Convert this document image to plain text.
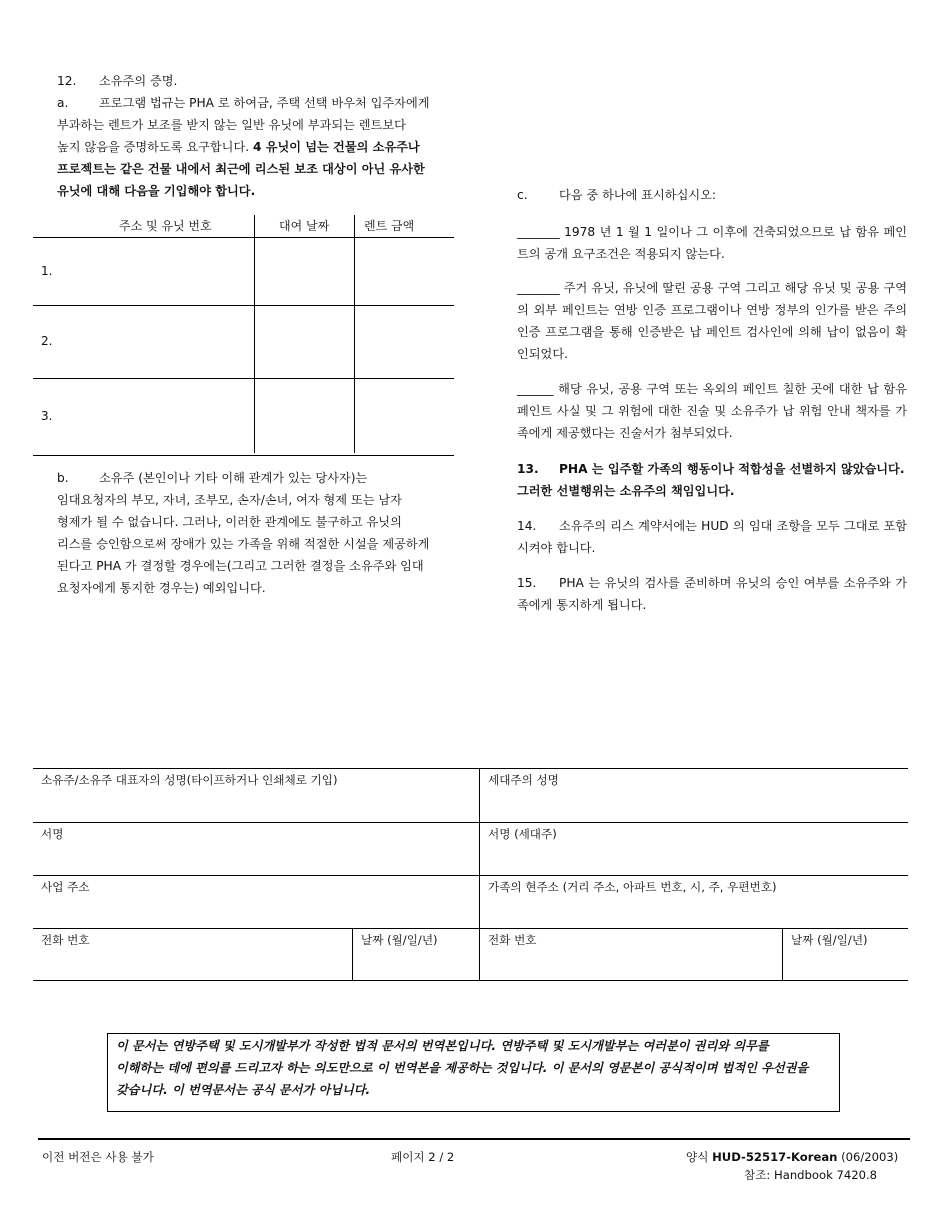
12. 소유주의 증명.

a.	프로그램 법규는 PHA 로 하여금, 주택 선택 바우처 입주자에게

부과하는 렌트가 보조를 받지 않는 일반 유닛에 부과되는 렌트보다

높지 않음을 증명하도록 요구합니다. 4 유닛이 넘는 건물의 소유주나

프로젝트는 같은 건물 내에서 최근에 리스된 보조 대상이 아닌 유사한

유닛에 대해 다음을 기입해야 합니다.

주소 및 유닛 번호	대여 날짜	렌트 금액
1.
2.
3.

b. 소유주 (본인이나 기타 이해 관계가 있는 당사자)는

임대요청자의 부모, 자녀, 조부모, 손자/손녀, 여자 형제 또는 남자

형제가 될 수 없습니다. 그러나, 이러한 관계에도 불구하고 유닛의

리스를 승인함으로써 장애가 있는 가족을 위해 적절한 시설을 제공하게

된다고 PHA 가 결정할 경우에는(그리고 그러한 결정을 소유주와 임대

요청자에게 통지한 경우는) 예외입니다.

c.	다음 중 하나에 표시하십시오:

_______ 1978 년 1 월 1 일이나 그 이후에 건축되었으므로 납 함유 페인트의 공개 요구조건은 적용되지 않는다.

_______ 주거 유닛, 유닛에 딸린 공용 구역 그리고 해당 유닛 및 공용 구역의 외부 페인트는 연방 인증 프로그램이나 연방 정부의 인가를 받은 주의 인증 프로그램을 통해 인증받은 납 페인트 검사인에 의해 납이 없음이 확인되었다.

______ 해당 유닛, 공용 구역 또는 옥외의 페인트 칠한 곳에 대한 납 함유 페인트 사실 및 그 위험에 대한 진술 및 소유주가 납 위험 안내 책자를 가족에게 제공했다는 진술서가 첨부되었다.

13. PHA 는 입주할 가족의 행동이나 적합성을 선별하지 않았습니다. 그러한 선별행위는 소유주의 책임입니다.

14. 소유주의 리스 계약서에는 HUD 의 임대 조항을 모두 그대로 포함시켜야 합니다.

15. PHA 는 유닛의 검사를 준비하며 유닛의 승인 여부를 소유주와 가족에게 통지하게 됩니다.

소유주/소유주 대표자의 성명(타이프하거나 인쇄체로 기입)	세대주의 성명
서명	서명 (세대주)
사업 주소	가족의 현주소 (거리 주소, 아파트 번호, 시, 주, 우편번호)
전화 번호	날짜 (월/일/년)	전화 번호	날짜 (월/일/년)
이 문서는 연방주택 및 도시개발부가 작성한 법적 문서의 번역본입니다. 연방주택 및 도시개발부는 여러분이 권리와 의무를
이해하는 데에 편의를 드리고자 하는 의도만으로 이 번역본을 제공하는 것입니다. 이 문서의 영문본이 공식적이며 법적인 우선권을
갖습니다. 이 번역문서는 공식 문서가 아닙니다.
이전 버전은 사용 불가	페이지 2 / 2	양식 HUD-52517-Korean (06/2003)
참조: Handbook 7420.8
